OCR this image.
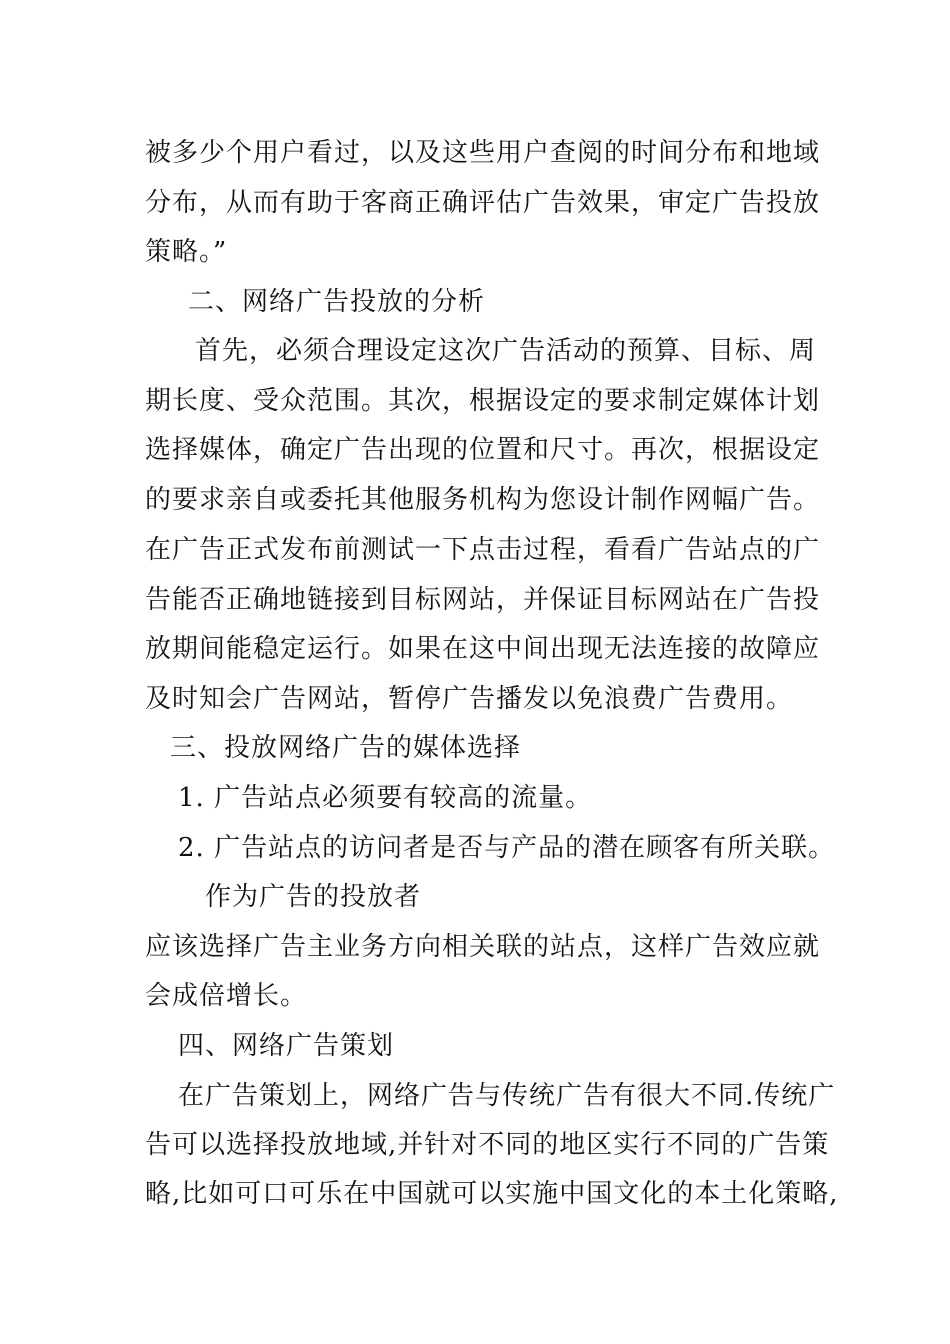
被多少个用户看过，以及这些用户查阅的时间分布和地域
分布，从而有助于客商正确评估广告效果，审定广告投放
策略。”
二、网络广告投放的分析
首先，必须合理设定这次广告活动的预算、目标、周
期长度、受众范围。其次，根据设定的要求制定媒体计划
选择媒体，确定广告出现的位置和尺寸。再次，根据设定
的要求亲自或委托其他服务机构为您设计制作网幅广告。
在广告正式发布前测试一下点击过程，看看广告站点的广
告能否正确地链接到目标网站，并保证目标网站在广告投
放期间能稳定运行。如果在这中间出现无法连接的故障应
及时知会广告网站，暂停广告播发以免浪费广告费用。
三、投放网络广告的媒体选择
1. 广告站点必须要有较高的流量。
2. 广告站点的访问者是否与产品的潜在顾客有所关联。
作为广告的投放者
应该选择广告主业务方向相关联的站点，这样广告效应就
会成倍增长。
四、网络广告策划
在广告策划上，网络广告与传统广告有很大不同.传统广
告可以选择投放地域,并针对不同的地区实行不同的广告策
略,比如可口可乐在中国就可以实施中国文化的本土化策略,
